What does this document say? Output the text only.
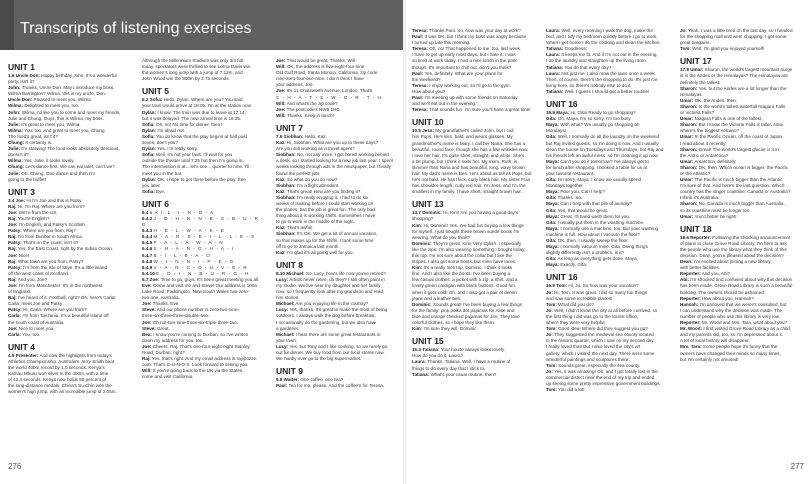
Transcripts of listening exercises
UNIT 1
1.6 Uncle Don: Happy birthday John. It's a wonderful
party, isn't it?
John: Thanks, Uncle Don. May I introduce my boss,
Wilma Barrington? Wilma, this is my uncle, Don.
Uncle Don: Pleased to meet you, Wilma.
Wilma: Delighted to meet you, too.
John: Wilma, I'd like you to come and meet my friends,
Julie and Chung. Guys, this is Wilma, my boss.
Julie: It's great to meet you, Wilma.
Wilma: You, too. And great to meet you, Chung.
The food's great, isn't it?
Chung: It certainly is.
Julie: I'm starving! The food looks absolutely delicious,
doesn't it?
Wilma: Yes, Julie, it looks lovely.
Chung: Let's dance first. We can eat later, can't we?
Julie: Oh, Chung. One dance and then I'm
going to the buffet!
UNIT 3
3.4 Joe: Hi I'm Joe and this is Patsy.
Raj: Hi, I'm Raj. Where are you from?
Joe: We're from the US.
Raj: You're English?
Joe: I'm English, and Patsy's Scottish.
Patsy: Where are you from, Raj?
Raj: I'm from Dunbar in South Africa.
Patsy: That's on the coast, isn't it?
Raj: Yes, the East Coast, right by the Indian Ocean.
Joe: Nice!
Raj: What town are you from, Patsy?
Patsy: I'm from the Isle of Skye. It's a little island
off the west coast of Scotland.
Raj: And you, Joe?
Joe: I'm from Manchester. It's in the northwest
of England.
Raj: I've heard of it. Football, right? Oh, here's Carla!
Carla, meet Joe and Patsy.
Patsy: Hi, Carla. Where are you from?
Carla: I'm from Tanzania. It's a beautiful island off
the south coast of Australia.
Joe: Nice to meet you.
Carla: You, too.
UNIT 4
4.5 Presenter: And now the highlights from today's
Athletics Championship. Australia's Jerry Smith beat
the world 400m record by 1.0 seconds. Kenya's
Kamau Mburu won silver in the 400m, with a time
of 43.4 seconds. Kenya now holds 50 percent of
the long-distance medals. China's Su Chin won the
women's high jump, with an incredible jump of 2.05m.
Although the Millennium Stadium was only 3/4 full
today, spectators were thrilled to see Lorna Davis win
the women's long jump with a jump of 7.12m, and
John Wood win the 800m by 2.75 seconds.
UNIT 5
5.2 Sofia: Hello, Dylan. Where are you? You said
your train would arrive at 18:05. I'm at the station now.
Dylan: I know. The train was due to leave at 17:14,
but it was delayed. The new arrival time is 18:35.
Sofia: Oh, no! No time for dinner, then?
Dylan: I'm afraid not.
Sofia: You do know that the play begins at half past
seven, don't you?
Dylan: Yes. I'm really sorry.
Sofia: Well, it's not your fault. I'll wait for you
outside the theater until 7:25 but then I'm going in.
The intermission is at... let's see... quarter to nine. I'll
meet you in the bar.
Dylan: OK. I hope to get there before the play. See
you later.
Sofia: Bye.
UNIT 6
6.4 a k i: L - I - N - D - A
6.4.2 J - O - H - N - N - E - S - B - U - R - G
6.4.3 H - E - L - W - A - K - E
6.4.4 M - A - R - S - E - I - L - L - E - S
6.4.5 P - A - L - A - W - A - N
6.4.6 S - H - A - N - G - H - A - I
6.4.7 B - I - L - B - A - O
6.4.8 W - I - N - N - I - P - E - G
6.4.9 V - A - N - C - O - U - V - E - R
6.4.10 E - D - I - N - B - U - R - G - H
6.7 Zoe: Time to go, guys. It's been great meeting you all.
Eve: Come and visit me and Steve! Our address is 100a
Lake Road, Paddington, New South Wales two-zero-
two-one, Australia.
Joe: Thanks, Eve.
Steve: And our phone number is zero-two-nine-
three-six-three-three-double-two.
Joe: Oh no!-two-nine-three-six-triple-three-two.
Steve: Great.
Bea: I know you're coming to Durban, so I've written
down my address for you, too.
Joe: Cheers, Raj. That's one-four-eight-eight Stanley
Road, Durban, right?
Raj: Yes, that's right. And my email address is raj@ozze.
com. That's C-U-N-O-X. Look forward to seeing you.
Will: If you're going back to the UK via the States,
come and visit California.
Joe: That would be great. Thanks, Will.
Will: OK, the address is five-eight-four-nine
Old Gulf Road, Santa Monica, California, zip code
nine-zero-four-one-nine. I don't think I have
your address, Joe.
Joe: It's 11 Chatsworth Avenue, London. That's
C - H - A - T - S - W - O - R - T - H.
Will: And what's the zip code?
Joe: The postcode's NW8 1HG.
Will: Thanks. Keep in touch!
UNIT 7
7.6 Siobhan: Hello, Kaz.
Kaz: Hi, Siobhan. What are you up to these days?
Are you still working as a travel agent?
Siobhan: No, not any more. I got bored working behind
a desk, so I started looking for a new job last year. I spent
weeks looking through ads in the newspaper, but I finally
found the perfect job!
Kaz: So what do you do now?
Siobhan: I'm a flight attendant.
Kaz: That's great! How are you finding it?
Siobhan: I'm really enjoying it. I had to do six
weeks of training before I could start working on
the planes. But the job is great fun. The only bad
thing about it is working shifts. Sometimes I have
to go to work in the middle of the night.
Kaz: That's awful!
Siobhan: It's OK. We get a lot of annual vacation,
so that makes up for the shifts. I took some time
off to go to Jamaica last month.
Kaz: I'm glad it's all going well for you.
UNIT 8
8.10 Michael: So, Lucy, how's life now you've retired?
Lucy: Artists never retire, do they? I still often paint in
my studio. We live near my daughter and her family
now, so I frequently look after my grandson and read
him stories.
Michael: Are you enjoying life in the country?
Lucy: Yes, thanks. It's great to make the most of being
outdoors. I always walk the dog before breakfast.
I occasionally do the gardening, but we also have
a gardener.
Michael: I hear there are some great restaurants in
your town.
Lucy: Yes, but Tony and I like cooking, so we rarely go
out for dinner. We buy food from our local stores now.
We hardly ever go to the big supermarket.
UNIT 9
9.8 Waiter: One coffee, one tea?
Paul: Tea for me, please. And the coffee's for Teresa.
276
Teresa: Thanks Paul. So, how was your day at work?
Paul: It was OK, but I think my boss was angry because
I turned up late this morning.
Teresa: Oh, no! That happened to me, too, last week.
I have to get up early most days, but I hate it. I was
so tired at work today. I had a nice lunch in the park
though. It's important to chill out, don't you think?
Paul: Yes, definitely. What are your plans for
the weekend?
Teresa: I enjoy working out, so I'll go to the gym.
How about you?
Paul: I'm meeting up with some friends on Saturday
and we'll eat out in the evening.
Teresa: That sounds fun. I'm sure you'll have a great time!
UNIT 10
10.5 Jess: My grandfather's called John, but I call
him Pops. He's slim, bald, and wears glasses. My
grandmother's name is Mary. I call her Nana. She has a
beautiful, round face, though she has a few wrinkles now.
I love her hair. It's quite short, straight, and white. She's
a bit plump, but I think it suits her. My mom, Ruth, is
slimmer than Nana and has beautiful, long, wavy brown
hair. My dad's name is Ben. He's about as tall as Pops, but
he's not bald. He has thick, curly black hair. My sister Fran
has shoulder-length, curly red hair. I'm Jess, and I'm the
smallest in my family. I have short, straight brown hair.
UNIT 13
13.7 Dominic: Hi, Kim! Are you having a good day's
shopping?
Kim: Hi, Dominic! Yes, I've had fun buying a few things
for myself. I just bought these brown suede boots I'm
wearing. What do you think?
Dominic: They're great, Kim! Very stylish. I especially
like the zips. I'm also wearing something I bought today,
this top. I'm not sure about the collar but I like the
stripes. I also got some boots, but mine have laces.
Kim: It's a really nice top, Dominic. I think it looks
fine. And I also like the boots. I've been buying a
few casual clothes: a jacket with a zip, a shirt, and a
lovely green cardigan with black buttons. Good fun
when it gets cold! Oh, and I also got a pair of denim
jeans and a leather belt.
Dominic: Sounds great! I've been buying a few things
for the family: pink polka dot pajamas for Alice and
blue and orange checked pajamas for Jim. They love
colorful clothes, so I hope they like them.
Kim: I'm sure they will, Dominic.
UNIT 15
15.3 Tatiana: Your house always looks lovely.
How do you do it, Laura?
Laura: Thanks, Tatiana. Well, I have a routine of
things to do every day that I stick to.
Tatiana: What's your usual routine, then?
Laura: Well, every morning I walk the dog, make the
bed, and I tidy my bedroom quickly before I go to work.
When I get home I do the cooking and clean the kitchen.
Tatiana: Goodness!
Laura: It keeps me fit. And if I'm not out in the evening,
I do the laundry and straighten up the living room.
Tatiana: You do that every day?
Laura: Not just me. I also mow the lawn once a week.
Then, of course, there's the shopping to do. It's just me
living here, so there's nobody else to do it.
Tatiana: Well, I guess I should get a better routine!
UNIT 16
15.9 Maya: Hi, Gita! Ready to go shopping?
Gita: Oh, Maya, I'm so sorry. I'm too busy.
Maya: With what? We usually go shopping on
Mondays!
Gita: Well, I normally do all the laundry on the weekend
but Raj invited guests, so I'm doing it now. And I usually
clean the house on Tuesdays and Thursdays, but Raj and
his friends left an awful mess, so I'm cleaning it up now.
Maya: Can't you do it tomorrow? I've always got to
for lunch after shopping. I booked a table for us at
your favorite restaurant.
Gita: I'm sorry, Maya. I know we usually spend
Mondays together.
Maya: Poor you. Can I help?
Gita: Thanks. So...
Maya: Can I help with that pile of laundry?
Gita: Yes, that would be great.
Maya: Great. I'll hand wash them for you.
Gita: I usually put them in the washing machine.
Maya: I normally use a machine, too. But your washing
machine is full. How about I vacuum the floor?
Gita: OK, then. I usually sweep the floor.
Maya: I normally vacuum mine. Gita, Doing things
slightly differently isn't a problem, is it?
Gita: As long as everything gets done. Maya.
Maya: Exactly, Gita.
UNIT 16
16.9 Tom: Hi, Jo. So how was your vacation?
Jo: Hi, Tom. It was great. I did so many fun things
and saw some incredible places!
Tom: What did you do?
Jo: Well, I didn't know the city at all before I arrived, so
the first thing I did was go to the tourist office,
where they were very helpful.
Tom: Good idea! Where did they suggest you go?
Jo: They suggested the medieval sea county located
in the historic quarter, which I saw on my second day.
I really loved that! But I also loved the city's art
gallery, which I visited the next day. There were some
wonderful paintings and sculptures there.
Tom: Sounds great, especially the sea county.
Jo: Yes, it was amazing! Oh, and I got totally lost in the
commercial district near the end of my trip and ended
up seeing some pretty impressive government buildings.
Tom: You did a lot!
Jo: Yeah. I was a little tired on the last day, so I headed
for the shopping mall and went shopping. I got some
great bargains.
Tom: Well, I'm glad you enjoyed yourself!
UNIT 17
17.8 Umar: Sharon, the world's largest mountain range
is in the Andes or the Himalayas? The Himalayas are
definitely the tallest.
Sharon: Yes, but the Andes are a lot longer than the
Himalayas.
Umar: OK, the Andes, then.
Sharon: Is the world's tallest waterfall Niagara Falls
or Victoria Falls?
Umar: Niagara Falls is one of the tallest.
Sharon: But I know the Victoria Falls is taller. Now,
where's the biggest volcano?
Umar: In the Pacific Ocean, off the coast of Japan.
I read about it recently.
Sharon: Great! The world's largest glacier is it in
the Arctic or Antarctica?
Umar: Antarctica, definitely.
Sharon: OK, then. Which ocean is bigger, the Pacific
or the Atlantic?
Umar: The Pacific is much bigger than the Atlantic.
I'm sure of that. And here's the last question. Which
country has the longer coastline: Canada or Australia?
I think it's Australia.
Sharon: No. Canada is much bigger than Australia,
so its coastline must be longer too.
Umar: You'd better be right!
UNIT 18
18.6 Reporter: Following the shocking announcement
of plans to close Grove Road Library, I'm here to ask
the people who use the library what they think of this
decision. Dean, you're pleased about the decision?
Dean: I'm excited about joining a new library,
with better facilities.
Reporter: And you, Abi?
Abi: I'm shocked and confused about why this decision
has been made. Grove Road Library is such a beautiful
building. The owners should be ashamed.
Reporter: How about you, Hannah?
Hannah: I'm annoyed that we weren't consulted, but
I can understand why the decision was made. The
number of people who use this library is very low.
Reporter: Mr. Wood and Mrs. Tara, what about you?
Mr. Wood: I first visited Grove Road Library as a child,
and my parents did, too, so I'm depressed about it.
A lot of local history will disappear.
Mrs. Tara: Some people hope it's funny that the
owners have changed their minds so many times,
but I'm certainly not amused!
277
